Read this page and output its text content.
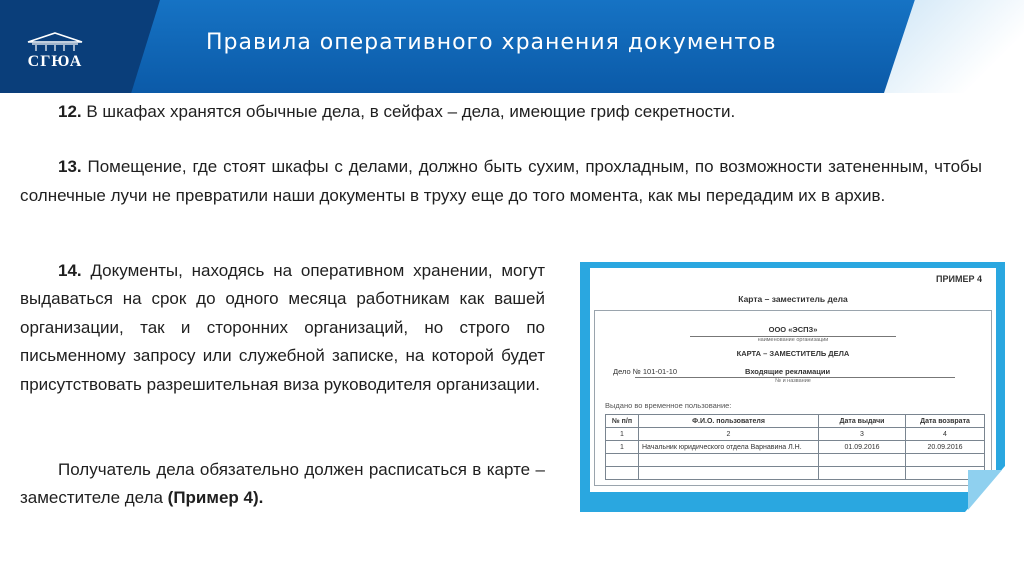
СГЮА
Правила оперативного хранения документов

12. В шкафах хранятся обычные дела, в сейфах – дела, имеющие гриф секретности.

13. Помещение, где стоят шкафы с делами, должно быть сухим, прохладным, по возможности затененным, чтобы солнечные лучи не превратили наши документы в труху еще до того момента, как мы передадим их в архив.

14. Документы, находясь на оперативном хранении, могут выдаваться на срок до одного месяца работникам как вашей организации, так и сторонних организаций, но строго по письменному запросу или служебной записке, на которой будет присутствовать разрешительная виза руководителя организации.

Получатель дела обязательно должен расписаться в карте – заместителе дела (Пример 4).

ПРИМЕР 4
Карта – заместитель дела
ООО «ЭСПЗ»
наименование организации
КАРТА – ЗАМЕСТИТЕЛЬ ДЕЛА
Дело № 101-01-10	Входящие рекламации
№ и название
Выдано во временное пользование:
№ п/п	Ф.И.О. пользователя	Дата выдачи	Дата возврата
1	2	3	4
1	Начальник юридического отдела Варнавина Л.Н.	01.09.2016	20.09.2016
